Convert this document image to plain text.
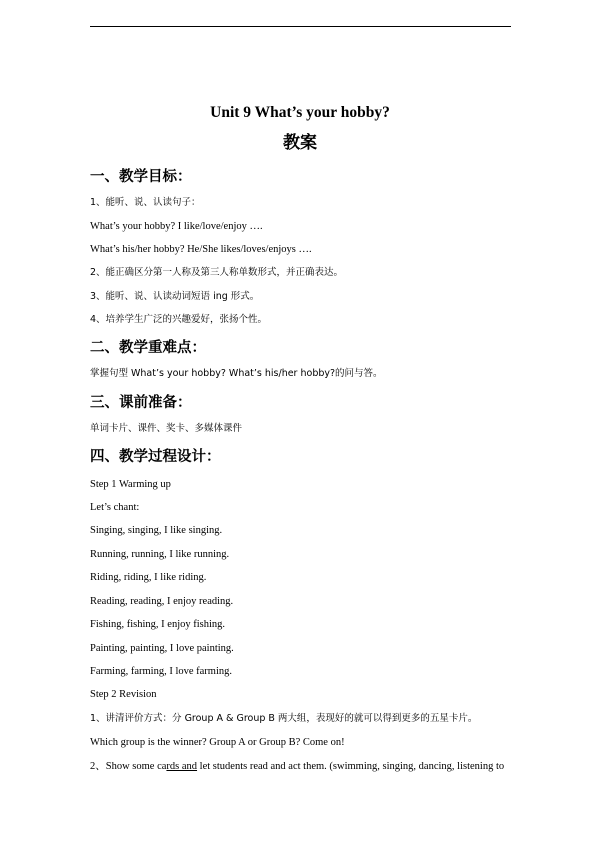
Unit 9 What’s your hobby?
教案
一、教学目标：
1、能听、说、认读句子：
What’s your hobby? I like/love/enjoy ….
What’s his/her hobby? He/She likes/loves/enjoys ….
2、能正确区分第一人称及第三人称单数形式，并正确表达。
3、能听、说、认读动词短语 ing 形式。
4、培养学生广泛的兴趣爱好，张扬个性。
二、教学重难点：
掌握句型 What’s your hobby? What’s his/her hobby?的问与答。
三、课前准备：
单词卡片、课件、奖卡、多媒体课件
四、教学过程设计：
Step 1 Warming up
Let’s chant:
Singing, singing, I like singing.
Running, running, I like running.
Riding, riding, I like riding.
Reading, reading, I enjoy reading.
Fishing, fishing, I enjoy fishing.
Painting, painting, I love painting.
Farming, farming, I love farming.
Step 2 Revision
1、讲清评价方式：分 Group A & Group B 两大组，表现好的就可以得到更多的五星卡片。
Which group is the winner? Group A or Group B? Come on!
2、Show some cards and let students read and act them. (swimming, singing, dancing, listening to
